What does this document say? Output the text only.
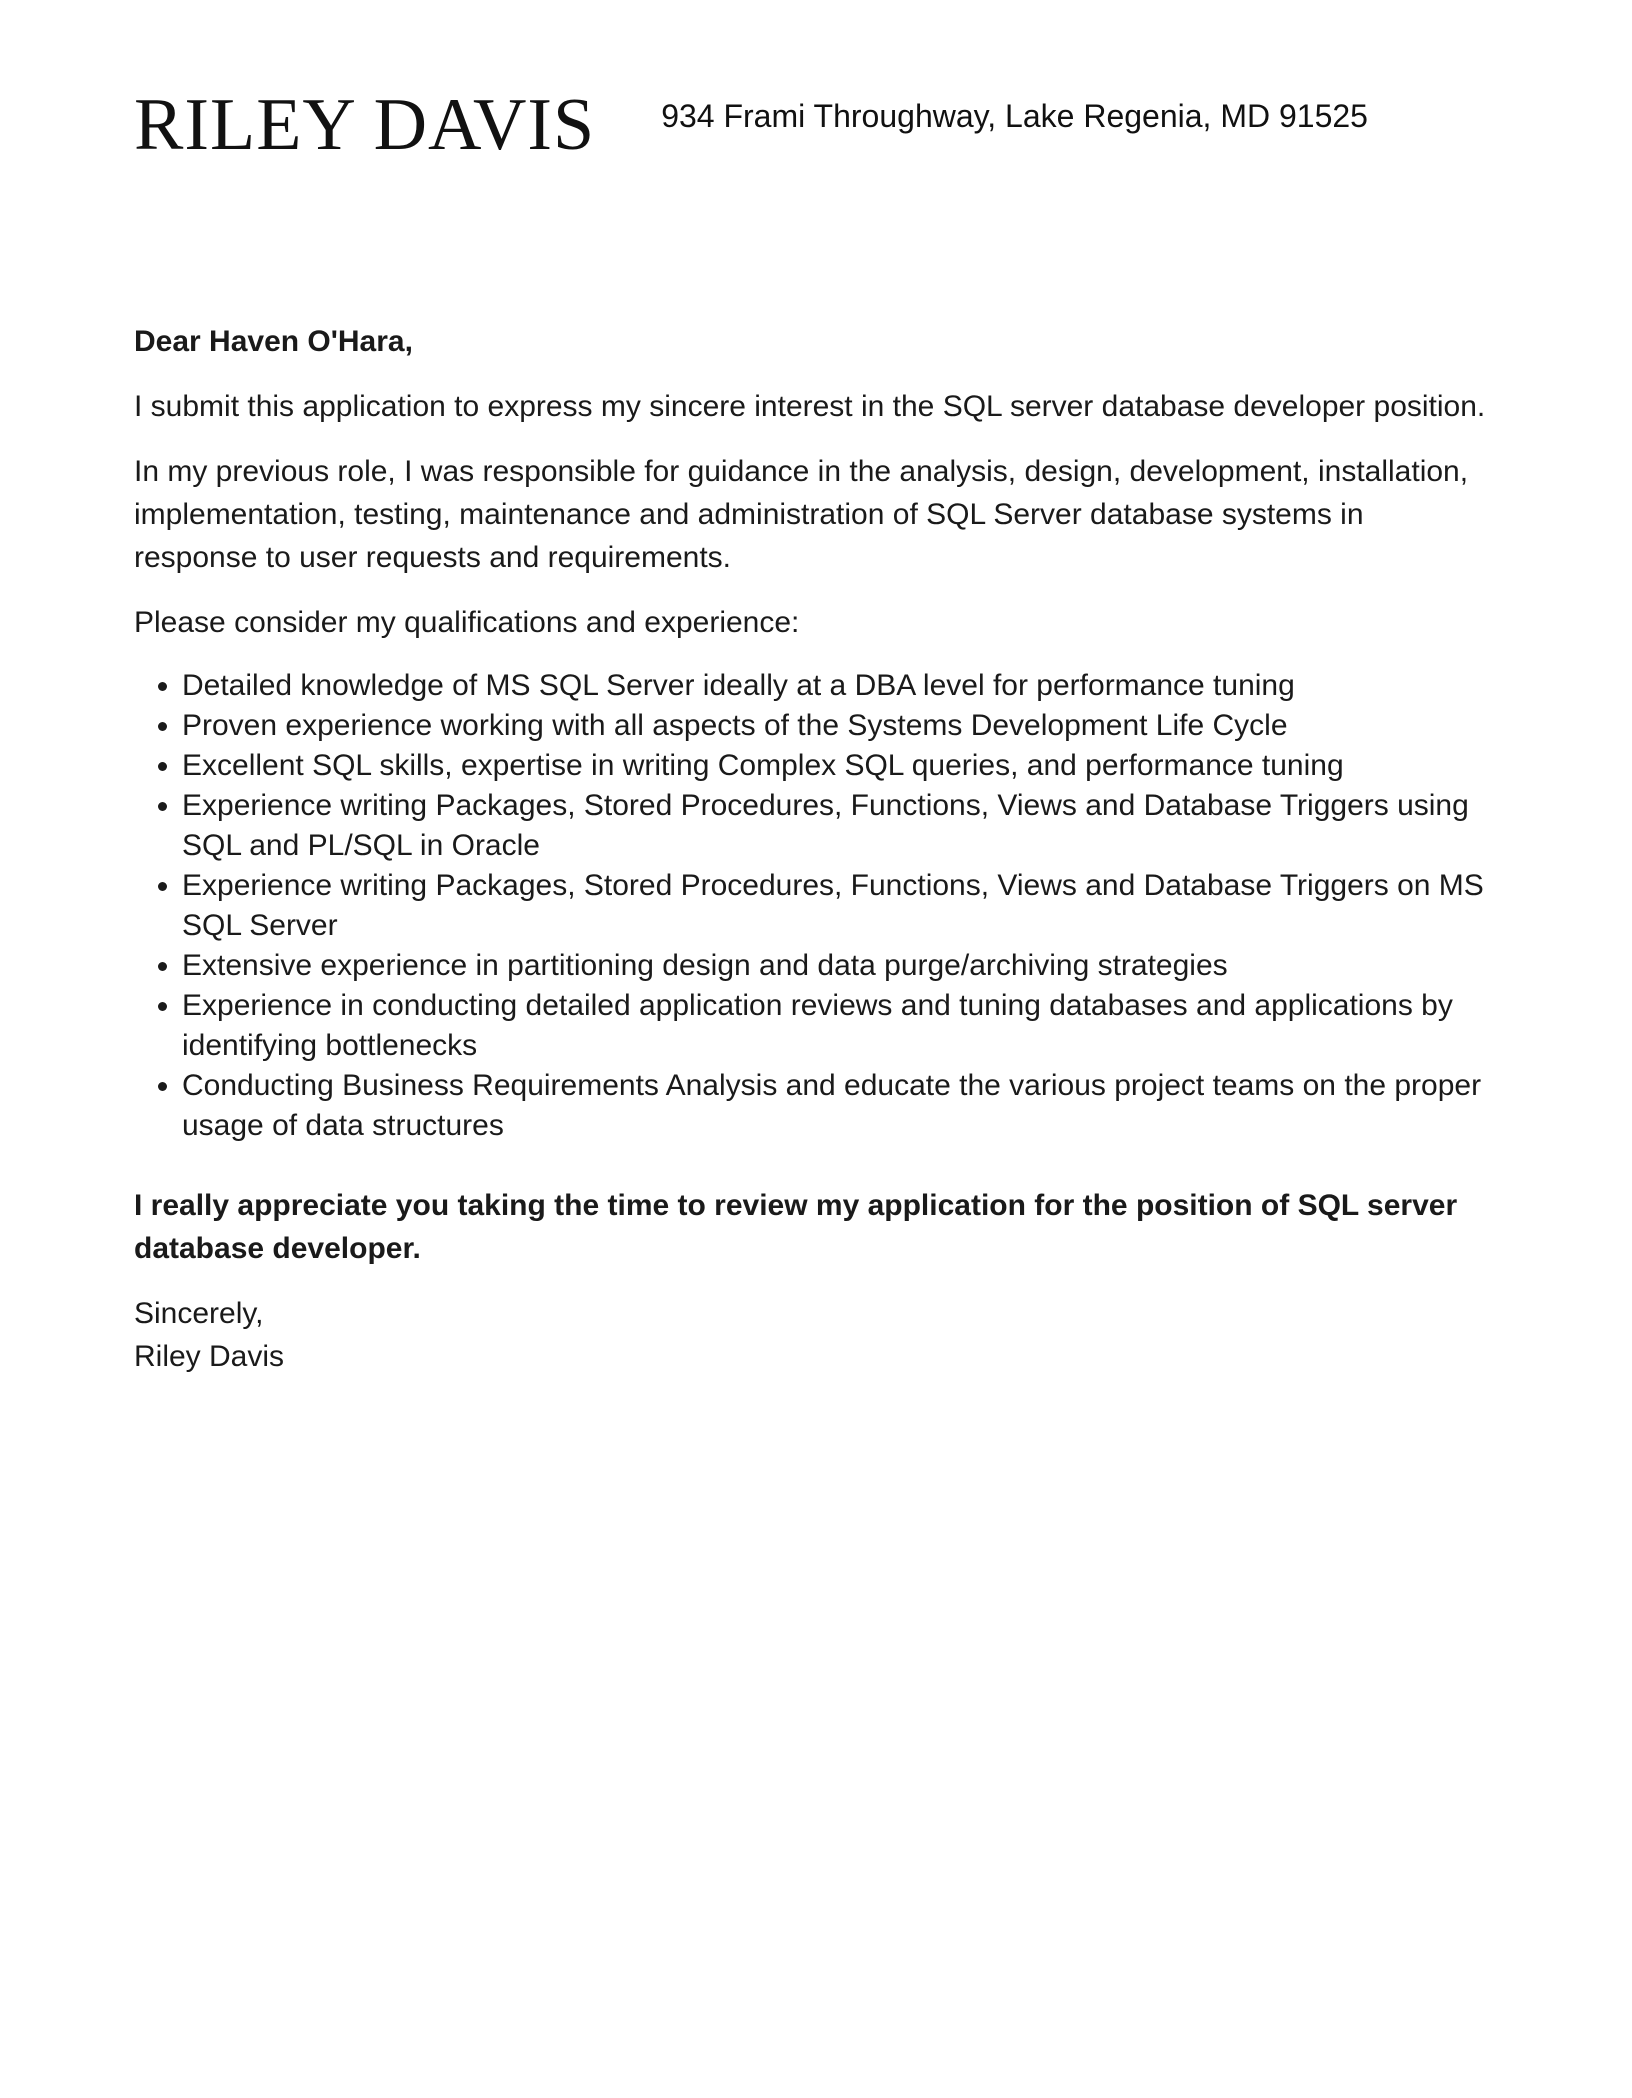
RILEY DAVIS 934 Frami Throughway, Lake Regenia, MD 91525

Dear Haven O'Hara,

I submit this application to express my sincere interest in the SQL server database developer position.

In my previous role, I was responsible for guidance in the analysis, design, development, installation, implementation, testing, maintenance and administration of SQL Server database systems in response to user requests and requirements.

Please consider my qualifications and experience:

• Detailed knowledge of MS SQL Server ideally at a DBA level for performance tuning
• Proven experience working with all aspects of the Systems Development Life Cycle
• Excellent SQL skills, expertise in writing Complex SQL queries, and performance tuning
• Experience writing Packages, Stored Procedures, Functions, Views and Database Triggers using SQL and PL/SQL in Oracle
• Experience writing Packages, Stored Procedures, Functions, Views and Database Triggers on MS SQL Server
• Extensive experience in partitioning design and data purge/archiving strategies
• Experience in conducting detailed application reviews and tuning databases and applications by identifying bottlenecks
• Conducting Business Requirements Analysis and educate the various project teams on the proper usage of data structures

I really appreciate you taking the time to review my application for the position of SQL server database developer.

Sincerely,

Riley Davis
